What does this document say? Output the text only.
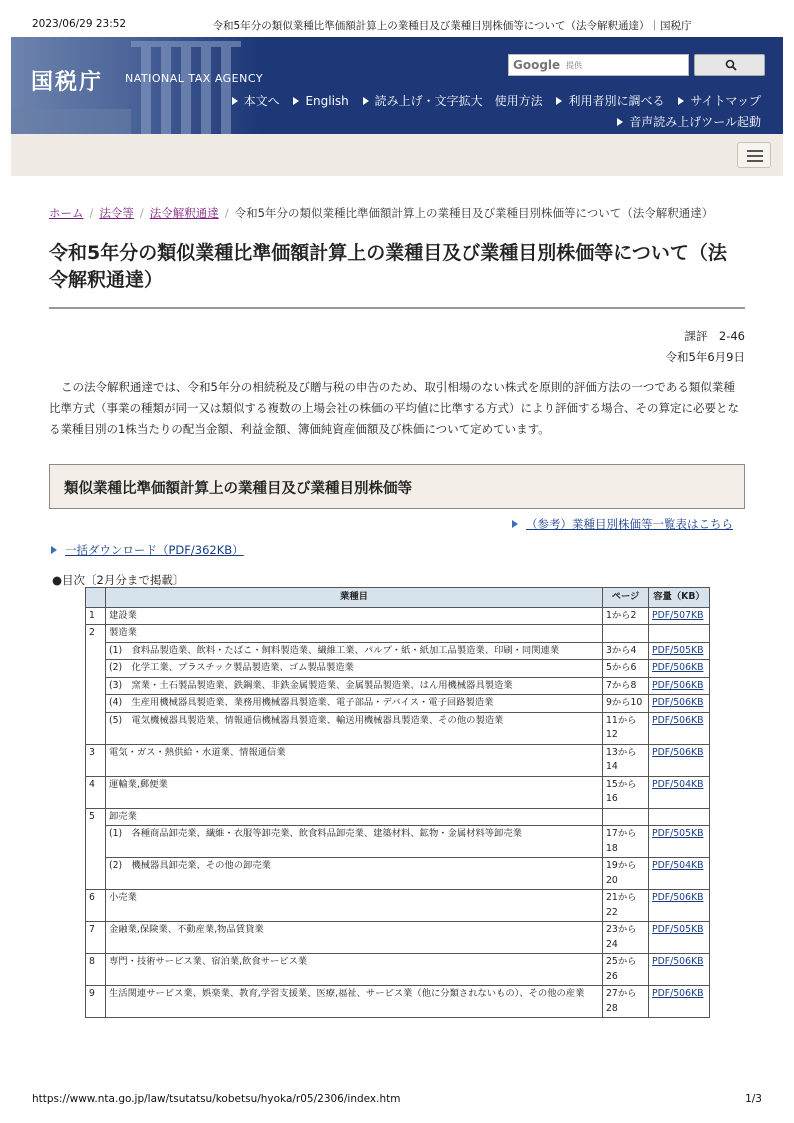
2023/06/29 23:52	令和5年分の類似業種比準価額計算上の業種目及び業種目別株価等について（法令解釈通達）｜国税庁
国税庁 NATIONAL TAX AGENCY
Google 提供
本文へ English 読み上げ・文字拡大　使用方法 利用者別に調べる サイトマップ
音声読み上げツール起動
ホーム / 法令等 / 法令解釈通達 / 令和5年分の類似業種比準価額計算上の業種目及び業種目別株価等について（法令解釈通達）
令和5年分の類似業種比準価額計算上の業種目及び業種目別株価等について（法令解釈通達）
課評　2-46
令和5年6月9日

この法令解釈通達では、令和5年分の相続税及び贈与税の申告のため、取引相場のない株式を原則的評価方法の一つである類似業種比準方式（事業の種類が同一又は類似する複数の上場会社の株価の平均値に比準する方式）により評価する場合、その算定に必要となる業種目別の1株当たりの配当金額、利益金額、簿価純資産価額及び株価について定めています。

類似業種比準価額計算上の業種目及び業種目別株価等
（参考）業種目別株価等一覧表はこちら
一括ダウンロード（PDF/362KB）
●目次〔2月分まで掲載〕
	業種目	ページ	容量（KB）
1	建設業	1から2	PDF/507KB
2	製造業		
	(1)　食料品製造業、飲料・たばこ・飼料製造業、繊維工業、パルプ・紙・紙加工品製造業、印刷・同関連業	3から4	PDF/505KB
	(2)　化学工業、プラスチック製品製造業、ゴム製品製造業	5から6	PDF/506KB
	(3)　窯業・土石製品製造業、鉄鋼業、非鉄金属製造業、金属製品製造業、はん用機械器具製造業	7から8	PDF/506KB
	(4)　生産用機械器具製造業、業務用機械器具製造業、電子部品・デバイス・電子回路製造業	9から10	PDF/506KB
	(5)　電気機械器具製造業、情報通信機械器具製造業、輸送用機械器具製造業、その他の製造業	11から12	PDF/506KB
3	電気・ガス・熱供給・水道業、情報通信業	13から14	PDF/506KB
4	運輸業,郵便業	15から16	PDF/504KB
5	卸売業		
	(1)　各種商品卸売業、繊維・衣服等卸売業、飲食料品卸売業、建築材料、鉱物・金属材料等卸売業	17から18	PDF/505KB
	(2)　機械器具卸売業、その他の卸売業	19から20	PDF/504KB
6	小売業	21から22	PDF/506KB
7	金融業,保険業、不動産業,物品賃貸業	23から24	PDF/505KB
8	専門・技術サービス業、宿泊業,飲食サービス業	25から26	PDF/506KB
9	生活関連サービス業、娯楽業、教育,学習支援業、医療,福祉、サービス業（他に分類されないもの）、その他の産業	27から28	PDF/506KB
https://www.nta.go.jp/law/tsutatsu/kobetsu/hyoka/r05/2306/index.htm	1/3
